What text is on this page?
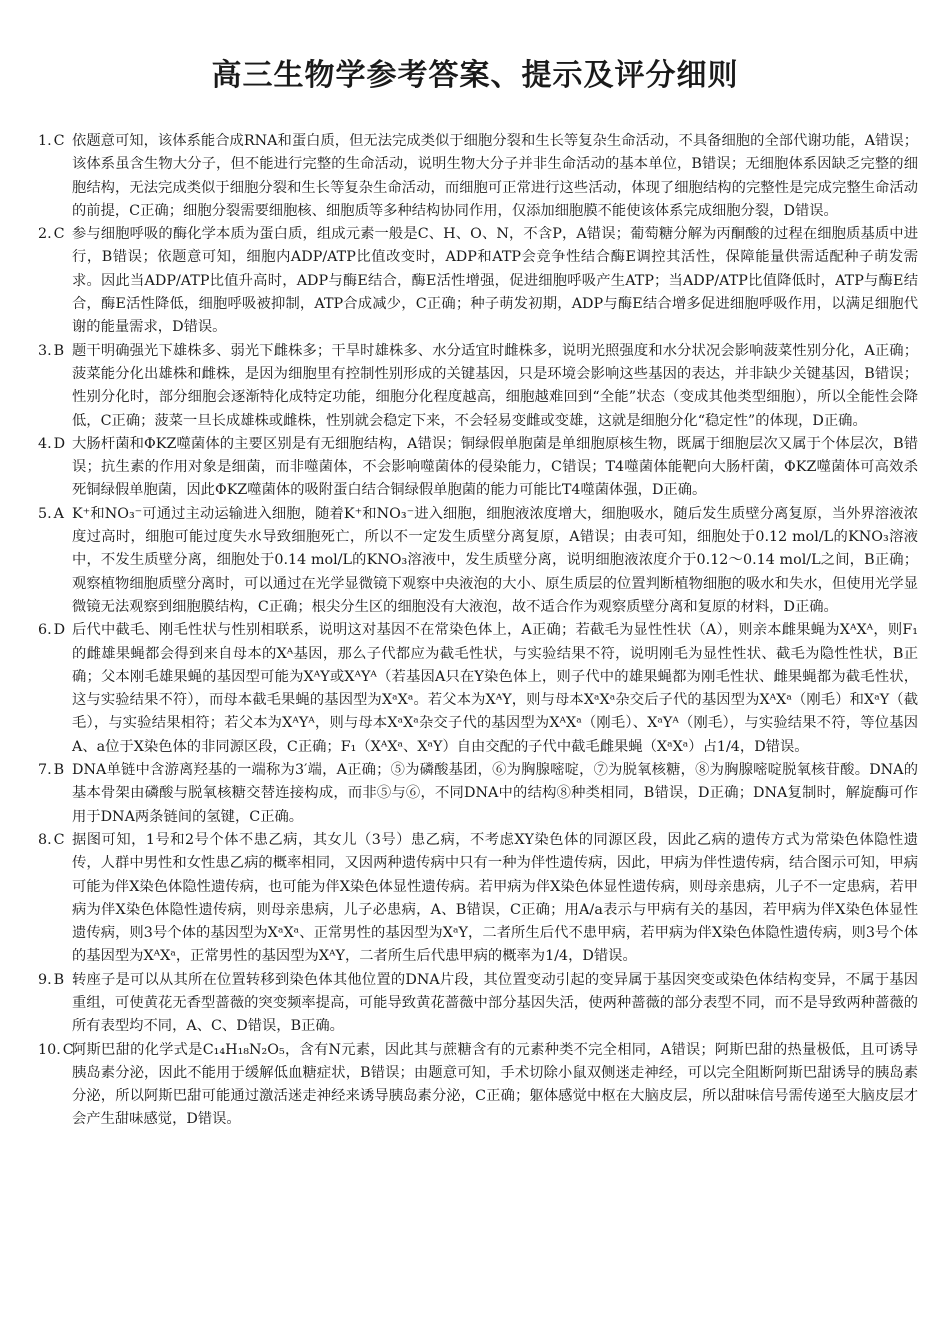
高三生物学参考答案、提示及评分细则
1. C 依题意可知，该体系能合成RNA和蛋白质，但无法完成类似于细胞分裂和生长等复杂生命活动，不具备细胞的全部代谢功能，A错误；该体系虽含生物大分子，但不能进行完整的生命活动，说明生物大分子并非生命活动的基本单位，B错误；无细胞体系因缺乏完整的细胞结构，无法完成类似于细胞分裂和生长等复杂生命活动，而细胞可正常进行这些活动，体现了细胞结构的完整性是完成完整生命活动的前提，C正确；细胞分裂需要细胞核、细胞质等多种结构协同作用，仅添加细胞膜不能使该体系完成细胞分裂，D错误。
2. C 参与细胞呼吸的酶化学本质为蛋白质，组成元素一般是C、H、O、N，不含P，A错误；葡萄糖分解为丙酮酸的过程在细胞质基质中进行，B错误；依题意可知，细胞内ADP/ATP比值改变时，ADP和ATP会竞争性结合酶E调控其活性，保障能量供需适配种子萌发需求。因此当ADP/ATP比值升高时，ADP与酶E结合，酶E活性增强，促进细胞呼吸产生ATP；当ADP/ATP比值降低时，ATP与酶E结合，酶E活性降低，细胞呼吸被抑制，ATP合成减少，C正确；种子萌发初期，ADP与酶E结合增多促进细胞呼吸作用，以满足细胞代谢的能量需求，D错误。
3. B 题干明确强光下雄株多、弱光下雌株多；干旱时雄株多、水分适宜时雌株多，说明光照强度和水分状况会影响菠菜性别分化，A正确；菠菜能分化出雄株和雌株，是因为细胞里有控制性别形成的关键基因，只是环境会影响这些基因的表达，并非缺少关键基因，B错误；性别分化时，部分细胞会逐渐特化成特定功能，细胞分化程度越高，细胞越难回到“全能”状态（变成其他类型细胞），所以全能性会降低，C正确；菠菜一旦长成雄株或雌株，性别就会稳定下来，不会轻易变雌或变雄，这就是细胞分化“稳定性”的体现，D正确。
4. D 大肠杆菌和ΦKZ噬菌体的主要区别是有无细胞结构，A错误；铜绿假单胞菌是单细胞原核生物，既属于细胞层次又属于个体层次，B错误；抗生素的作用对象是细菌，而非噬菌体，不会影响噬菌体的侵染能力，C错误；T4噬菌体能靶向大肠杆菌，ΦKZ噬菌体可高效杀死铜绿假单胞菌，因此ΦKZ噬菌体的吸附蛋白结合铜绿假单胞菌的能力可能比T4噬菌体强，D正确。
5. A K⁺和NO₃⁻可通过主动运输进入细胞，随着K⁺和NO₃⁻进入细胞，细胞液浓度增大，细胞吸水，随后发生质壁分离复原，当外界溶液浓度过高时，细胞可能过度失水导致细胞死亡，所以不一定发生质壁分离复原，A错误；由表可知，细胞处于0.12 mol/L的KNO₃溶液中，不发生质壁分离，细胞处于0.14 mol/L的KNO₃溶液中，发生质壁分离，说明细胞液浓度介于0.12～0.14 mol/L之间，B正确；观察植物细胞质壁分离时，可以通过在光学显微镜下观察中央液泡的大小、原生质层的位置判断植物细胞的吸水和失水，但使用光学显微镜无法观察到细胞膜结构，C正确；根尖分生区的细胞没有大液泡，故不适合作为观察质壁分离和复原的材料，D正确。
6. D 后代中截毛、刚毛性状与性别相联系，说明这对基因不在常染色体上，A正确；若截毛为显性性状（A），则亲本雌果蝇为XᴬXᴬ，则F₁的雌雄果蝇都会得到来自母本的Xᴬ基因，那么子代都应为截毛性状，与实验结果不符，说明刚毛为显性性状、截毛为隐性性状，B正确；父本刚毛雄果蝇的基因型可能为XᴬY或XᴬYᴬ（若基因A只在Y染色体上，则子代中的雄果蝇都为刚毛性状、雌果蝇都为截毛性状，这与实验结果不符），而母本截毛果蝇的基因型为XᵃXᵃ。若父本为XᴬY，则与母本XᵃXᵃ杂交后子代的基因型为XᴬXᵃ（刚毛）和XᵃY（截毛），与实验结果相符；若父本为XᴬYᴬ，则与母本XᵃXᵃ杂交子代的基因型为XᴬXᵃ（刚毛）、XᵃYᴬ（刚毛），与实验结果不符，等位基因A、a位于X染色体的非同源区段，C正确；F₁（XᴬXᵃ、XᵃY）自由交配的子代中截毛雌果蝇（XᵃXᵃ）占1/4，D错误。
7. B DNA单链中含游离羟基的一端称为3′端，A正确；⑤为磷酸基团，⑥为胸腺嘧啶，⑦为脱氧核糖，⑧为胸腺嘧啶脱氧核苷酸。DNA的基本骨架由磷酸与脱氧核糖交替连接构成，而非⑤与⑥，不同DNA中的结构⑧种类相同，B错误，D正确；DNA复制时，解旋酶可作用于DNA两条链间的氢键，C正确。
8. C 据图可知，1号和2号个体不患乙病，其女儿（3号）患乙病，不考虑XY染色体的同源区段，因此乙病的遗传方式为常染色体隐性遗传，人群中男性和女性患乙病的概率相同，又因两种遗传病中只有一种为伴性遗传病，因此，甲病为伴性遗传病，结合图示可知，甲病可能为伴X染色体隐性遗传病，也可能为伴X染色体显性遗传病。若甲病为伴X染色体显性遗传病，则母亲患病，儿子不一定患病，若甲病为伴X染色体隐性遗传病，则母亲患病，儿子必患病，A、B错误，C正确；用A/a表示与甲病有关的基因，若甲病为伴X染色体显性遗传病，则3号个体的基因型为XᵃXᵃ、正常男性的基因型为XᵃY，二者所生后代不患甲病，若甲病为伴X染色体隐性遗传病，则3号个体的基因型为XᴬXᵃ，正常男性的基因型为XᴬY，二者所生后代患甲病的概率为1/4，D错误。
9. B 转座子是可以从其所在位置转移到染色体其他位置的DNA片段，其位置变动引起的变异属于基因突变或染色体结构变异，不属于基因重组，可使黄花无香型蔷薇的突变频率提高，可能导致黄花蔷薇中部分基因失活，使两种蔷薇的部分表型不同，而不是导致两种蔷薇的所有表型均不同，A、C、D错误，B正确。
10. C
阿斯巴甜的化学式是C₁₄H₁₈N₂O₅，含有N元素，因此其与蔗糖含有的元素种类不完全相同，A错误；阿斯巴甜的热量极低，且可诱导胰岛素分泌，因此不能用于缓解低血糖症状，B错误；由题意可知，手术切除小鼠双侧迷走神经，可以完全阻断阿斯巴甜诱导的胰岛素分泌，所以阿斯巴甜可能通过激活迷走神经来诱导胰岛素分泌，C正确；躯体感觉中枢在大脑皮层，所以甜味信号需传递至大脑皮层才会产生甜味感觉，D错误。
